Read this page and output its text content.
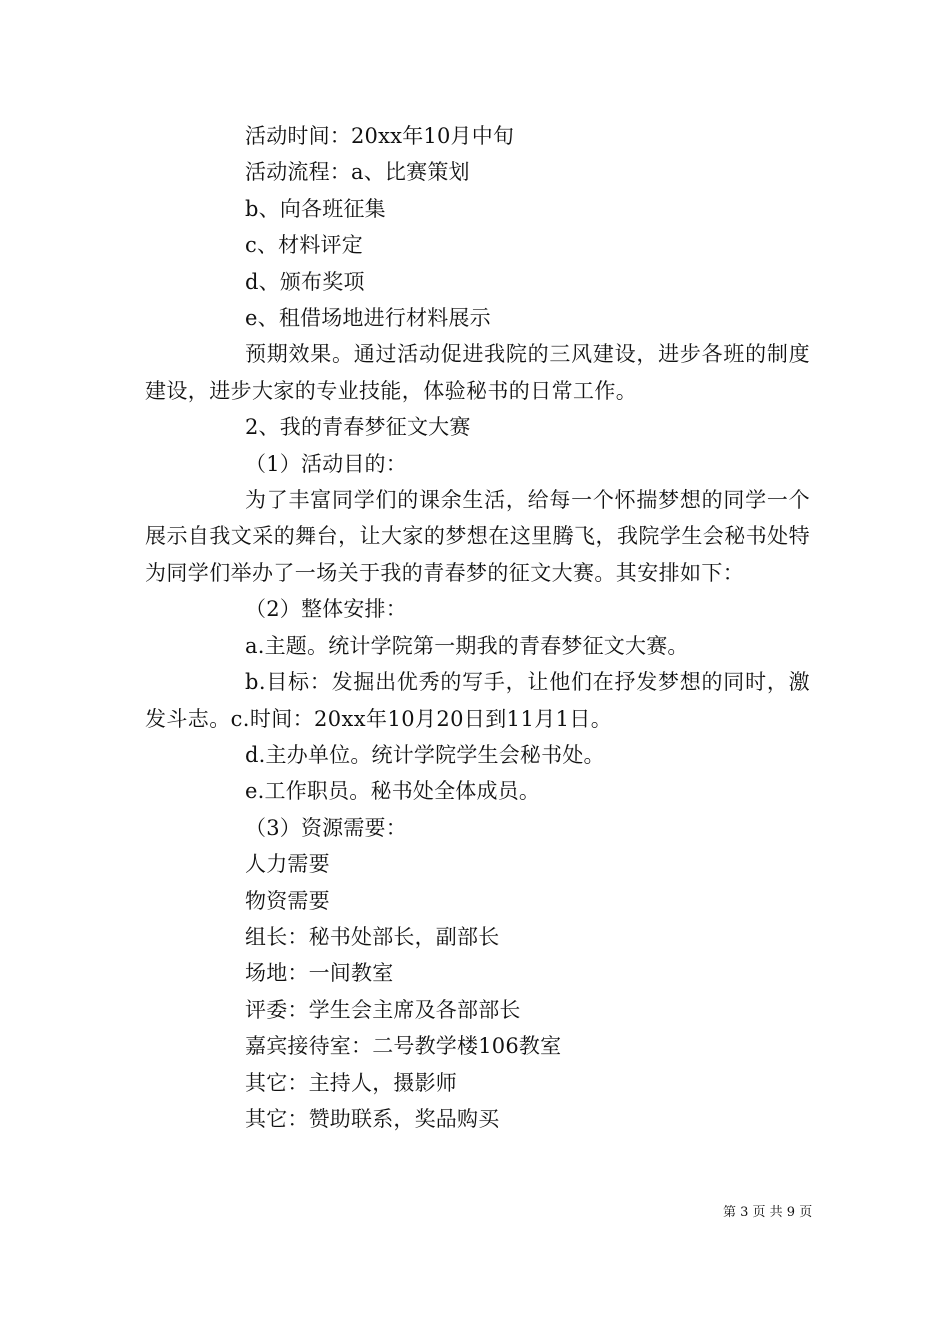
活动时间：20xx年10月中旬
活动流程：a、比赛策划
b、向各班征集
c、材料评定
d、颁布奖项
e、租借场地进行材料展示
预期效果。通过活动促进我院的三风建设，进步各班的制度建设，进步大家的专业技能，体验秘书的日常工作。
2、我的青春梦征文大赛
（1）活动目的：
为了丰富同学们的课余生活，给每一个怀揣梦想的同学一个展示自我文采的舞台，让大家的梦想在这里腾飞，我院学生会秘书处特为同学们举办了一场关于我的青春梦的征文大赛。其安排如下：
（2）整体安排：
a.主题。统计学院第一期我的青春梦征文大赛。
b.目标：发掘出优秀的写手，让他们在抒发梦想的同时，激发斗志。c.时间：20xx年10月20日到11月1日。
d.主办单位。统计学院学生会秘书处。
e.工作职员。秘书处全体成员。
（3）资源需要：
人力需要
物资需要
组长：秘书处部长，副部长
场地：一间教室
评委：学生会主席及各部部长
嘉宾接待室：二号教学楼106教室
其它：主持人，摄影师
其它：赞助联系，奖品购买
第 3 页 共 9 页
